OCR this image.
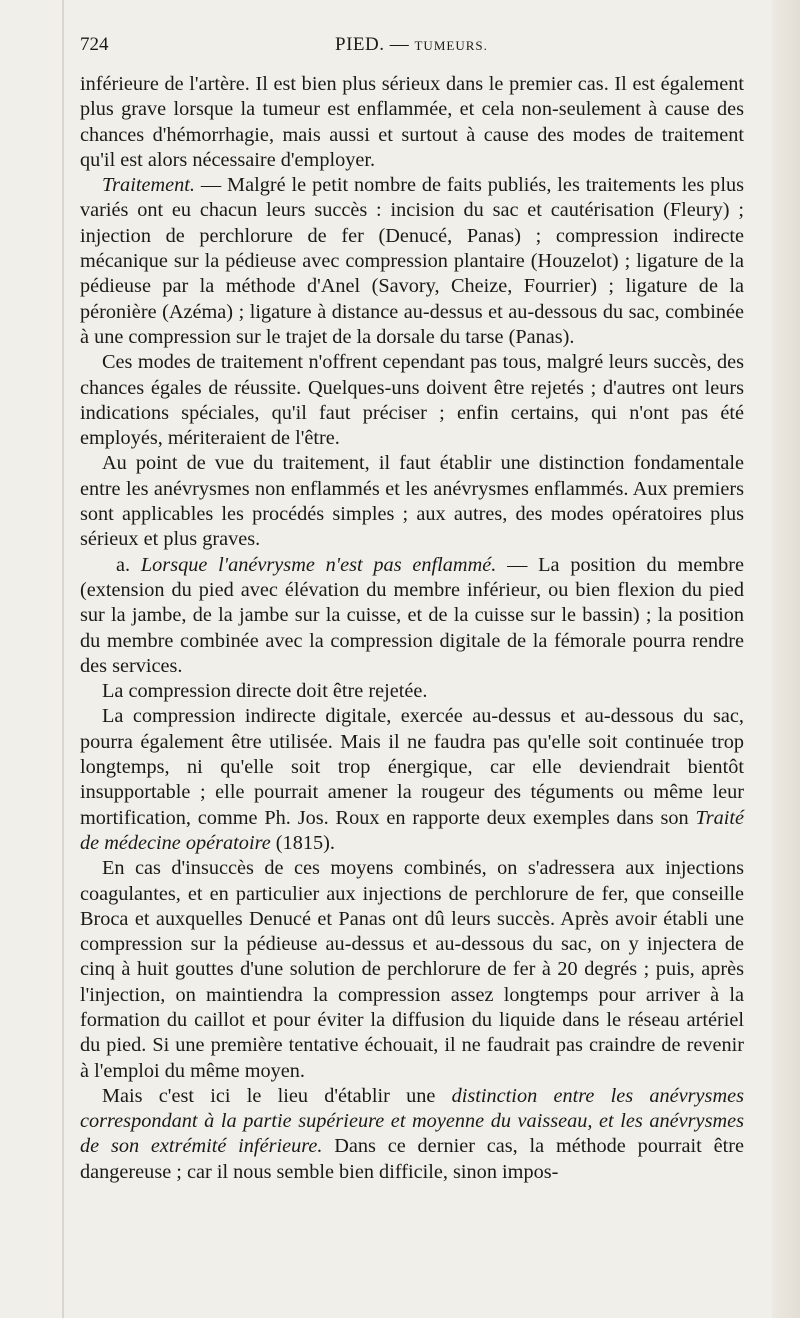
724	PIED. — TUMEURS.

inférieure de l'artère. Il est bien plus sérieux dans le premier cas. Il est également plus grave lorsque la tumeur est enflammée, et cela non-seulement à cause des chances d'hémorrhagie, mais aussi et surtout à cause des modes de traitement qu'il est alors nécessaire d'employer.

Traitement. — Malgré le petit nombre de faits publiés, les traitements les plus variés ont eu chacun leurs succès : incision du sac et cautérisation (Fleury) ; injection de perchlorure de fer (Denucé, Panas) ; compression indirecte mécanique sur la pédieuse avec compression plantaire (Houzelot) ; ligature de la pédieuse par la méthode d'Anel (Savory, Cheize, Fourrier) ; ligature de la péronière (Azéma) ; ligature à distance au-dessus et au-dessous du sac, combinée à une compression sur le trajet de la dorsale du tarse (Panas).

Ces modes de traitement n'offrent cependant pas tous, malgré leurs succès, des chances égales de réussite. Quelques-uns doivent être rejetés ; d'autres ont leurs indications spéciales, qu'il faut préciser ; enfin certains, qui n'ont pas été employés, mériteraient de l'être.

Au point de vue du traitement, il faut établir une distinction fondamentale entre les anévrysmes non enflammés et les anévrysmes enflammés. Aux premiers sont applicables les procédés simples ; aux autres, des modes opératoires plus sérieux et plus graves.

a. Lorsque l'anévrysme n'est pas enflammé. — La position du membre (extension du pied avec élévation du membre inférieur, ou bien flexion du pied sur la jambe, de la jambe sur la cuisse, et de la cuisse sur le bassin) ; la position du membre combinée avec la compression digitale de la fémorale pourra rendre des services.

La compression directe doit être rejetée.

La compression indirecte digitale, exercée au-dessus et au-dessous du sac, pourra également être utilisée. Mais il ne faudra pas qu'elle soit continuée trop longtemps, ni qu'elle soit trop énergique, car elle deviendrait bientôt insupportable ; elle pourrait amener la rougeur des téguments ou même leur mortification, comme Ph. Jos. Roux en rapporte deux exemples dans son Traité de médecine opératoire (1815).

En cas d'insuccès de ces moyens combinés, on s'adressera aux injections coagulantes, et en particulier aux injections de perchlorure de fer, que conseille Broca et auxquelles Denucé et Panas ont dû leurs succès. Après avoir établi une compression sur la pédieuse au-dessus et au-dessous du sac, on y injectera de cinq à huit gouttes d'une solution de perchlorure de fer à 20 degrés ; puis, après l'injection, on maintiendra la compression assez longtemps pour arriver à la formation du caillot et pour éviter la diffusion du liquide dans le réseau artériel du pied. Si une première tentative échouait, il ne faudrait pas craindre de revenir à l'emploi du même moyen.

Mais c'est ici le lieu d'établir une distinction entre les anévrysmes correspondant à la partie supérieure et moyenne du vaisseau, et les anévrysmes de son extrémité inférieure. Dans ce dernier cas, la méthode pourrait être dangereuse ; car il nous semble bien difficile, sinon impos-
